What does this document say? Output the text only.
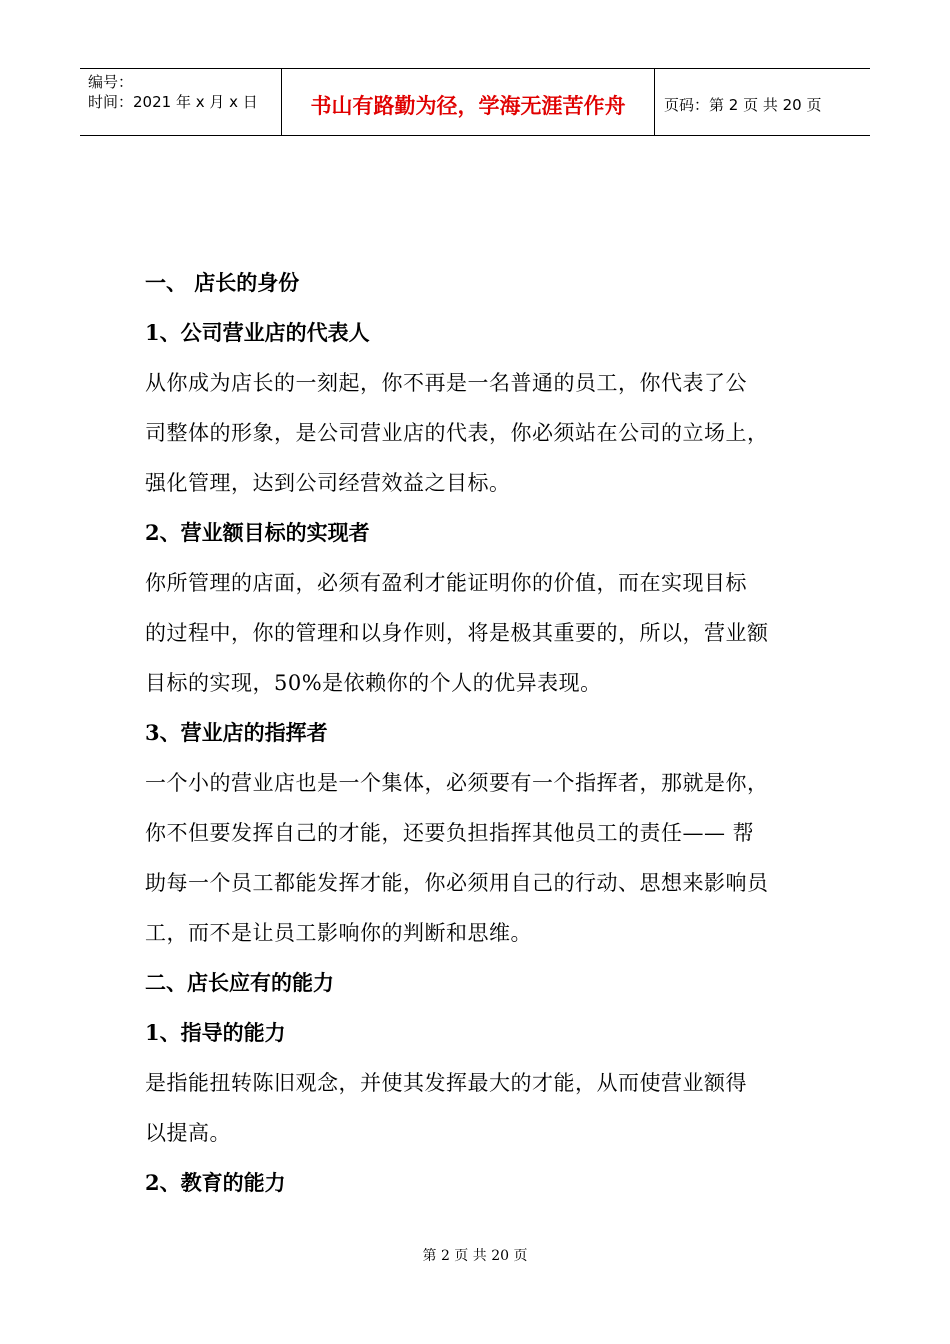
编号：
时间：2021 年 x 月 x 日	书山有路勤为径，学海无涯苦作舟	页码：第 2 页 共 20 页

一、 店长的身份

1、公司营业店的代表人

从你成为店长的一刻起，你不再是一名普通的员工，你代表了公

司整体的形象，是公司营业店的代表，你必须站在公司的立场上，

强化管理，达到公司经营效益之目标。

2、营业额目标的实现者

你所管理的店面，必须有盈利才能证明你的价值，而在实现目标

的过程中，你的管理和以身作则，将是极其重要的，所以，营业额

目标的实现，50%是依赖你的个人的优异表现。

3、营业店的指挥者

一个小的营业店也是一个集体，必须要有一个指挥者，那就是你，

你不但要发挥自己的才能，还要负担指挥其他员工的责任—— 帮

助每一个员工都能发挥才能，你必须用自己的行动、思想来影响员

工，而不是让员工影响你的判断和思维。

二、店长应有的能力

1、指导的能力

是指能扭转陈旧观念，并使其发挥最大的才能，从而使营业额得

以提高。

2、教育的能力

第 2 页 共 20 页
